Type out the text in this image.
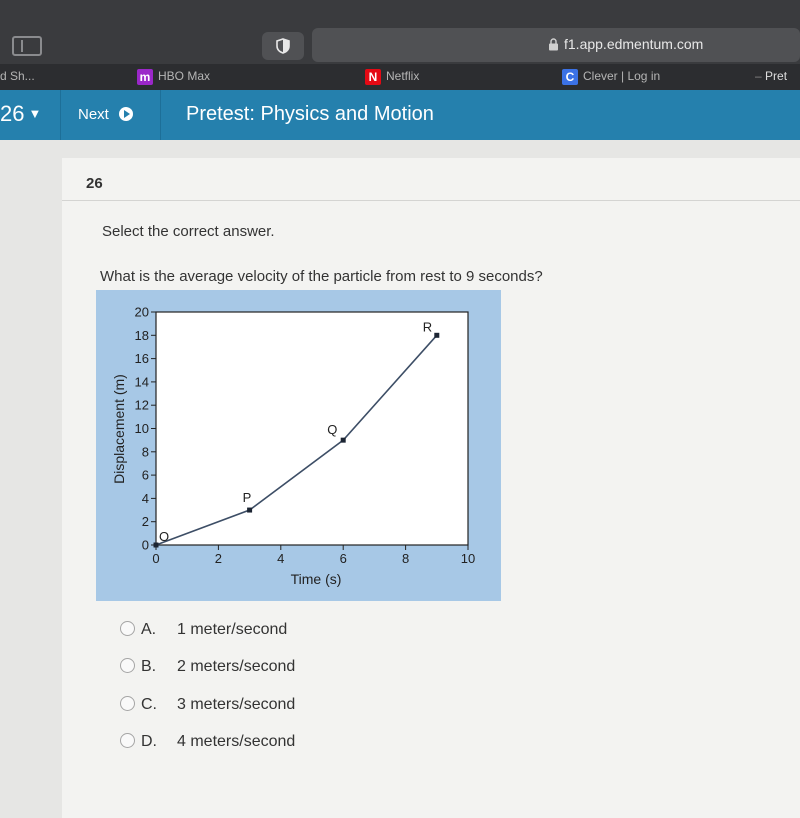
f1.app.edmentum.com
d Sh...	m HBO Max	N Netflix	C Clever | Log in	– Pret
26 ▼ Next	Pretest: Physics and Motion
26
Select the correct answer.
What is the average velocity of the particle from rest to 9 seconds?
0
2
4
6
8
10
12
14
16
18
20
0	2	4	6	8	10
O
P
Q
R
Time (s)
Displacement (m)
A. 1 meter/second
B. 2 meters/second
C. 3 meters/second
D. 4 meters/second
